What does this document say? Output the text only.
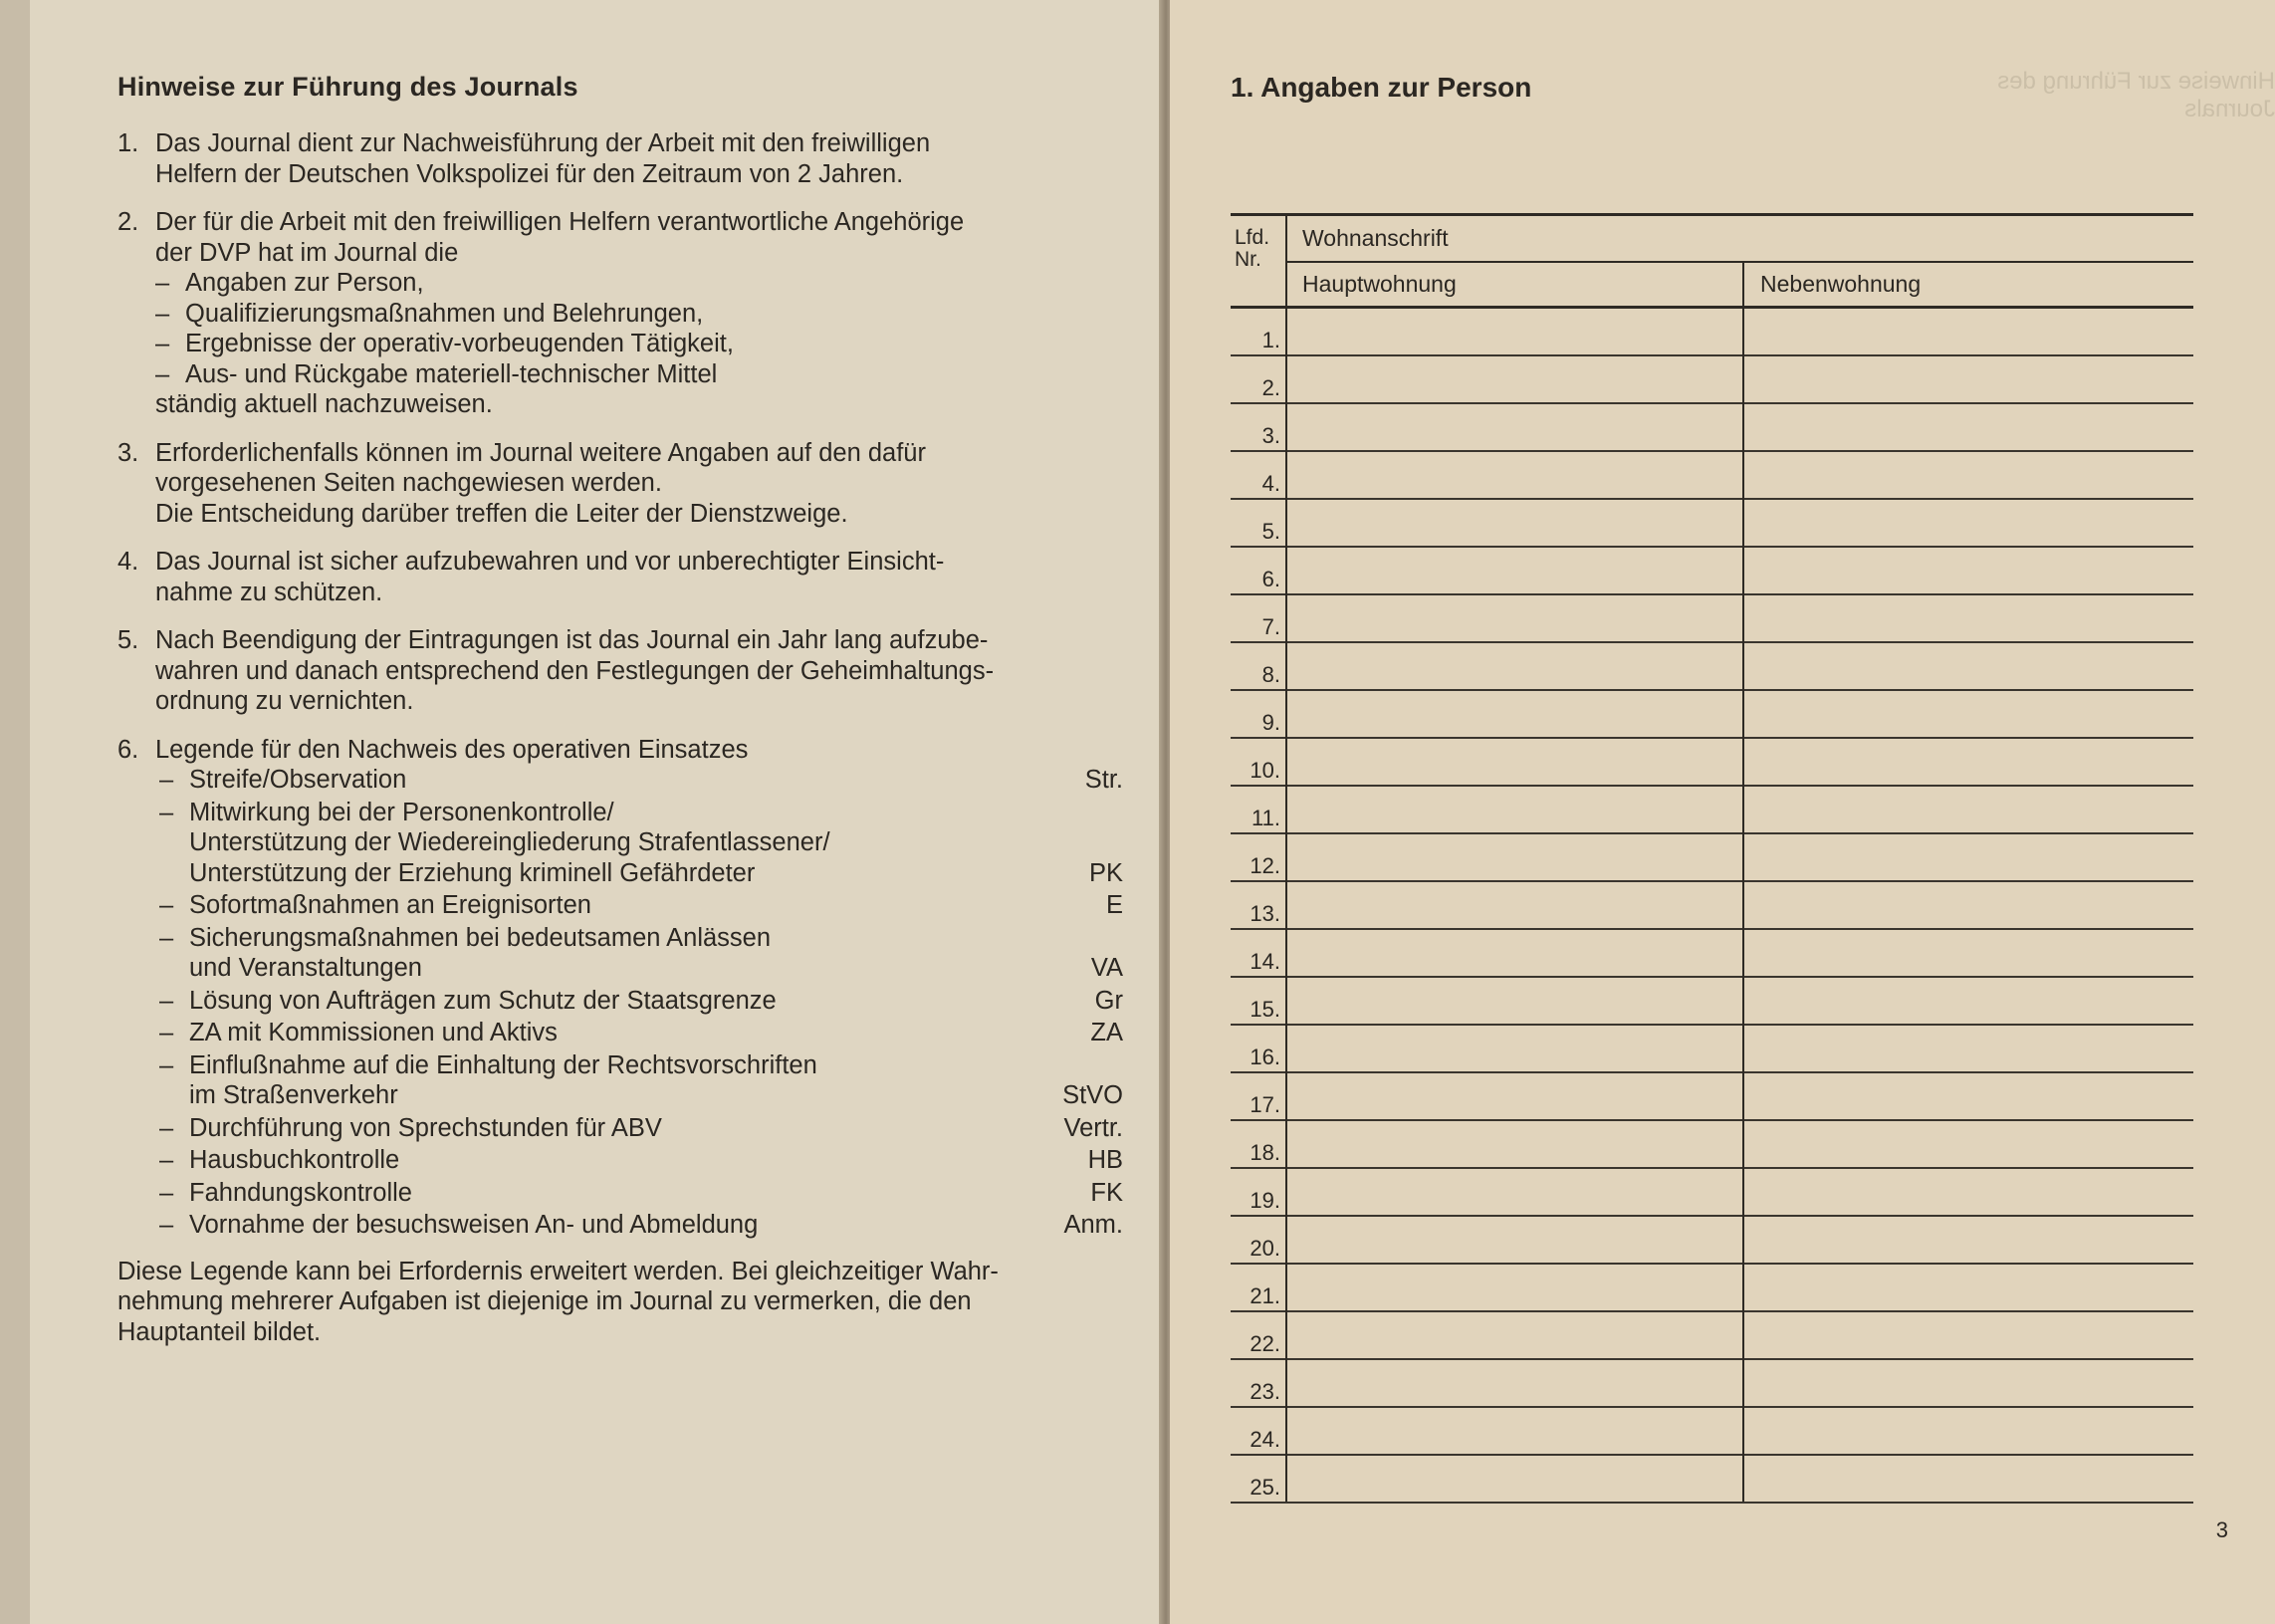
Hinweise zur Führung des Journals
1. Das Journal dient zur Nachweisführung der Arbeit mit den freiwilligen
Helfern der Deutschen Volkspolizei für den Zeitraum von 2 Jahren.
2. Der für die Arbeit mit den freiwilligen Helfern verantwortliche Angehörige
der DVP hat im Journal die
– Angaben zur Person,
– Qualifizierungsmaßnahmen und Belehrungen,
– Ergebnisse der operativ-vorbeugenden Tätigkeit,
– Aus- und Rückgabe materiell-technischer Mittel
ständig aktuell nachzuweisen.
3. Erforderlichenfalls können im Journal weitere Angaben auf den dafür
vorgesehenen Seiten nachgewiesen werden.
Die Entscheidung darüber treffen die Leiter der Dienstzweige.
4. Das Journal ist sicher aufzubewahren und vor unberechtigter Einsicht-
nahme zu schützen.
5. Nach Beendigung der Eintragungen ist das Journal ein Jahr lang aufzube-
wahren und danach entsprechend den Festlegungen der Geheimhaltungs-
ordnung zu vernichten.
6. Legende für den Nachweis des operativen Einsatzes
– Streife/Observation	Str.
– Mitwirkung bei der Personenkontrolle/
Unterstützung der Wiedereingliederung Strafentlassener/
Unterstützung der Erziehung kriminell Gefährdeter	PK
– Sofortmaßnahmen an Ereignisorten	E
– Sicherungsmaßnahmen bei bedeutsamen Anlässen
und Veranstaltungen	VA
– Lösung von Aufträgen zum Schutz der Staatsgrenze	Gr
– ZA mit Kommissionen und Aktivs	ZA
– Einflußnahme auf die Einhaltung der Rechtsvorschriften
im Straßenverkehr	StVO
– Durchführung von Sprechstunden für ABV	Vertr.
– Hausbuchkontrolle	HB
– Fahndungskontrolle	FK
– Vornahme der besuchsweisen An- und Abmeldung	Anm.
Diese Legende kann bei Erfordernis erweitert werden. Bei gleichzeitiger Wahr-
nehmung mehrerer Aufgaben ist diejenige im Journal zu vermerken, die den
Hauptanteil bildet.
Hinweise zur Führung des Journals
1. Angaben zur Person
Lfd.
Nr.
Wohnanschrift
Hauptwohnung	Nebenwohnung
1.
2.
3.
4.
5.
6.
7.
8.
9.
10.
11.
12.
13.
14.
15.
16.
17.
18.
19.
20.
21.
22.
23.
24.
25.
3
